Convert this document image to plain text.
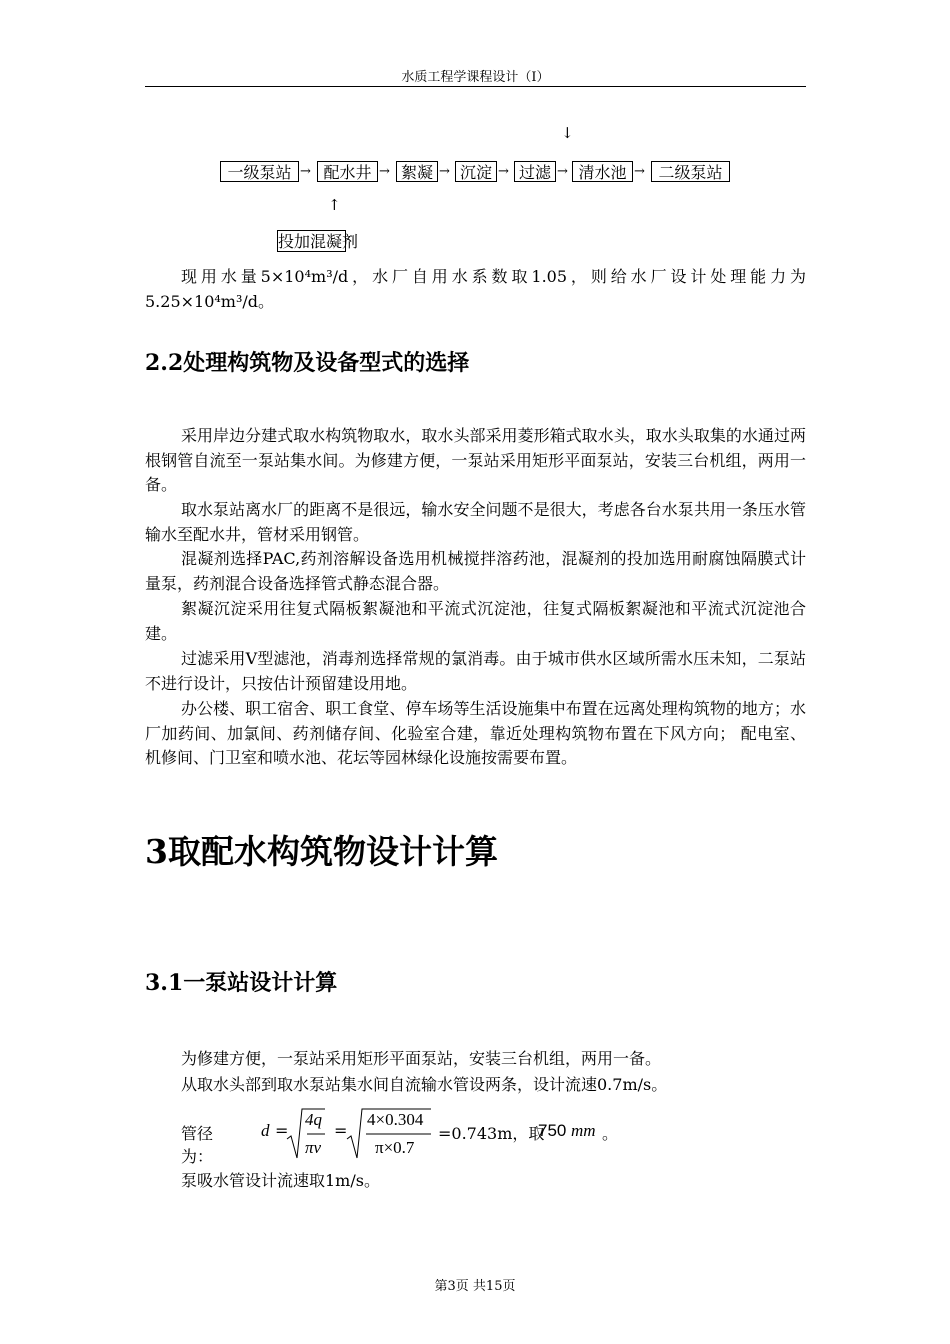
水质工程学课程设计（I）
一级泵站 → 配水井 → 絮凝 → 沉淀 → 过滤 → 清水池 → 二级泵站
↓
↑
投加混凝剂

现用水量5×10⁴m³/d，水厂自用水系数取1.05，则给水厂设计处理能力为5.25×10⁴m³/d。

2.2处理构筑物及设备型式的选择

采用岸边分建式取水构筑物取水，取水头部采用菱形箱式取水头，取水头取集的水通过两根钢管自流至一泵站集水间。为修建方便，一泵站采用矩形平面泵站，安装三台机组，两用一备。

取水泵站离水厂的距离不是很远，输水安全问题不是很大，考虑各台水泵共用一条压水管输水至配水井，管材采用钢管。

混凝剂选择PAC,药剂溶解设备选用机械搅拌溶药池，混凝剂的投加选用耐腐蚀隔膜式计量泵，药剂混合设备选择管式静态混合器。

絮凝沉淀采用往复式隔板絮凝池和平流式沉淀池，往复式隔板絮凝池和平流式沉淀池合建。

过滤采用V型滤池，消毒剂选择常规的氯消毒。由于城市供水区域所需水压未知，二泵站不进行设计，只按估计预留建设用地。

办公楼、职工宿舍、职工食堂、停车场等生活设施集中布置在远离处理构筑物的地方；水厂加药间、加氯间、药剂储存间、化验室合建，靠近处理构筑物布置在下风方向； 配电室、机修间、门卫室和喷水池、花坛等园林绿化设施按需要布置。

3取配水构筑物设计计算
3.1一泵站设计计算
为修建方便，一泵站采用矩形平面泵站，安装三台机组，两用一备。
从取水头部到取水泵站集水间自流输水管设两条，设计流速0.7m/s。
管径为：
d =
4q
πv
=
4×0.304
π×0.7
=0.743m，取
750 mm 。
泵吸水管设计流速取1m/s。
第3页 共15页
